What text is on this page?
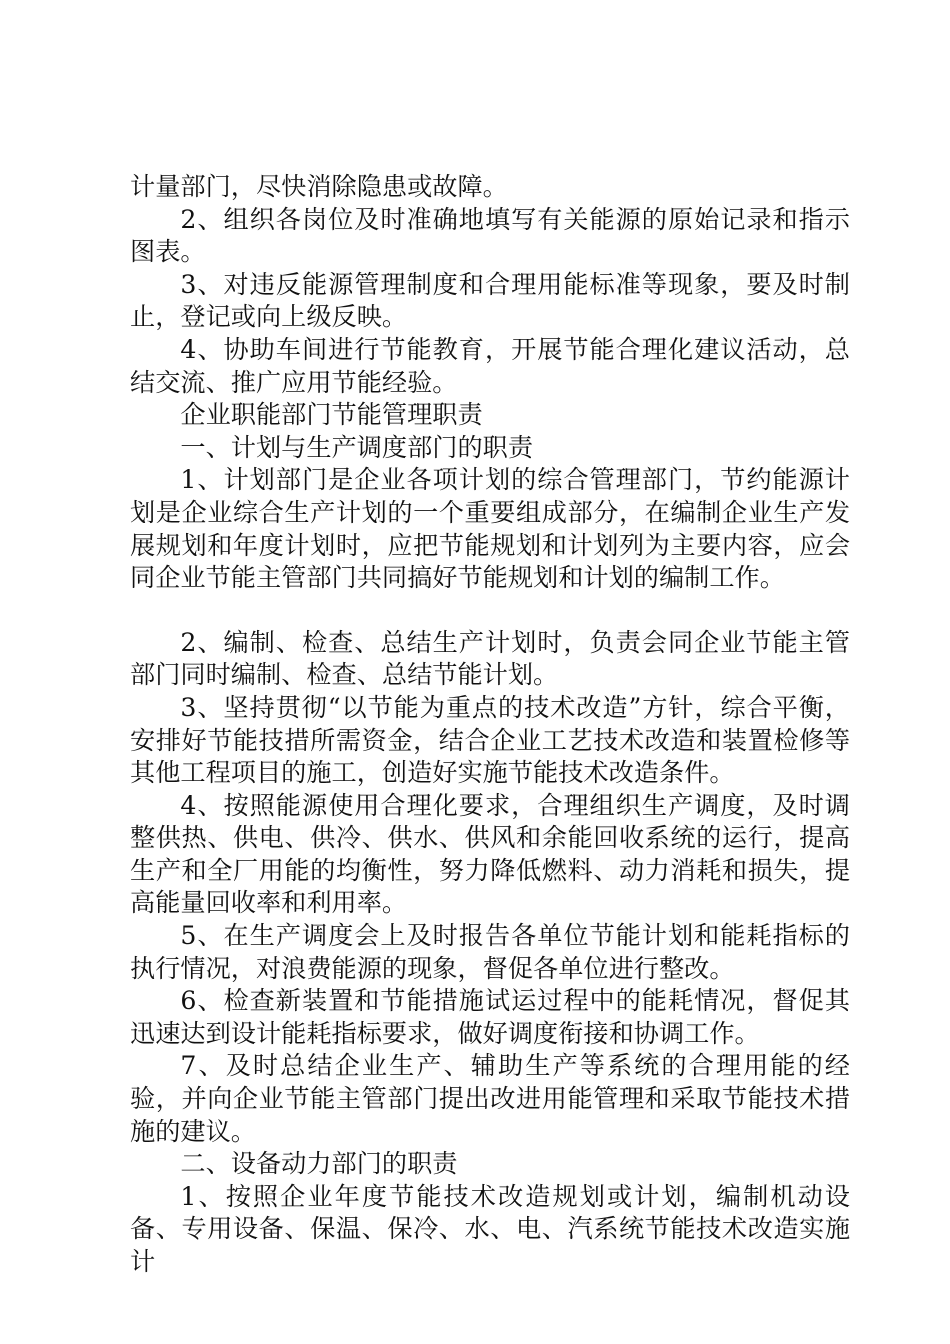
计量部门，尽快消除隐患或故障。

2、组织各岗位及时准确地填写有关能源的原始记录和指示图表。

3、对违反能源管理制度和合理用能标准等现象，要及时制止，登记或向上级反映。

4、协助车间进行节能教育，开展节能合理化建议活动，总结交流、推广应用节能经验。

企业职能部门节能管理职责

一、计划与生产调度部门的职责

1、计划部门是企业各项计划的综合管理部门，节约能源计划是企业综合生产计划的一个重要组成部分，在编制企业生产发展规划和年度计划时，应把节能规划和计划列为主要内容，应会同企业节能主管部门共同搞好节能规划和计划的编制工作。

2、编制、检查、总结生产计划时，负责会同企业节能主管部门同时编制、检查、总结节能计划。

3、坚持贯彻“以节能为重点的技术改造”方针，综合平衡，安排好节能技措所需资金，结合企业工艺技术改造和装置检修等其他工程项目的施工，创造好实施节能技术改造条件。

4、按照能源使用合理化要求，合理组织生产调度，及时调整供热、供电、供冷、供水、供风和余能回收系统的运行，提高生产和全厂用能的均衡性，努力降低燃料、动力消耗和损失，提高能量回收率和利用率。

5、在生产调度会上及时报告各单位节能计划和能耗指标的执行情况，对浪费能源的现象，督促各单位进行整改。

6、检查新装置和节能措施试运过程中的能耗情况，督促其迅速达到设计能耗指标要求，做好调度衔接和协调工作。

7、及时总结企业生产、辅助生产等系统的合理用能的经验，并向企业节能主管部门提出改进用能管理和采取节能技术措施的建议。

二、设备动力部门的职责

1、按照企业年度节能技术改造规划或计划，编制机动设备、专用设备、保温、保冷、水、电、汽系统节能技术改造实施计
